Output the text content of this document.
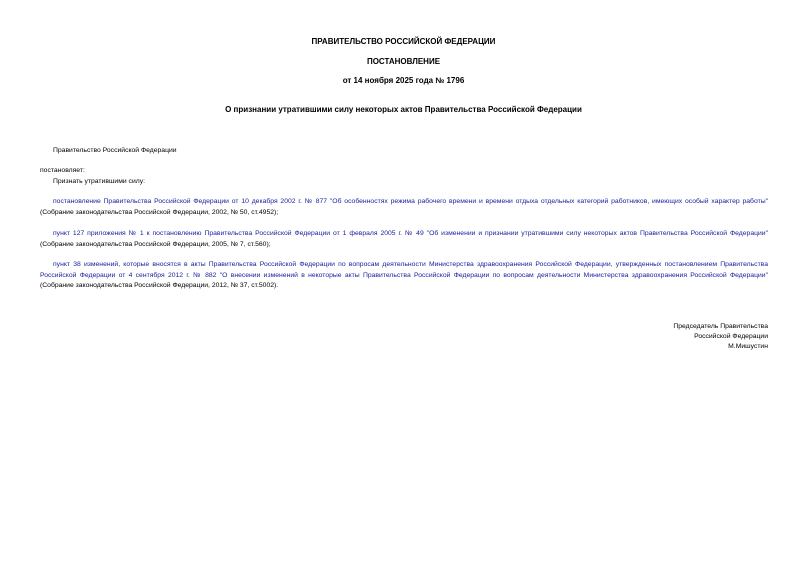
ПРАВИТЕЛЬСТВО РОССИЙСКОЙ ФЕДЕРАЦИИ
ПОСТАНОВЛЕНИЕ
от 14 ноября 2025 года № 1796
О признании утратившими силу некоторых актов Правительства Российской Федерации
Правительство Российской Федерации
постановляет:
Признать утратившими силу:
постановление Правительства Российской Федерации от 10 декабря 2002 г. № 877 "Об особенностях режима рабочего времени и времени отдыха отдельных категорий работников, имеющих особый характер работы" (Собрание законодательства Российской Федерации, 2002, № 50, ст.4952);
пункт 127 приложения № 1 к постановлению Правительства Российской Федерации от 1 февраля 2005 г. № 49 "Об изменении и признании утратившими силу некоторых актов Правительства Российской Федерации" (Собрание законодательства Российской Федерации, 2005, № 7, ст.560);
пункт 38 изменений, которые вносятся в акты Правительства Российской Федерации по вопросам деятельности Министерства здравоохранения Российской Федерации, утвержденных постановлением Правительства Российской Федерации от 4 сентября 2012 г. № 882 "О внесении изменений в некоторые акты Правительства Российской Федерации по вопросам деятельности Министерства здравоохранения Российской Федерации" (Собрание законодательства Российской Федерации, 2012, № 37, ст.5002).
Председатель Правительства
Российской Федерации
М.Мишустин
